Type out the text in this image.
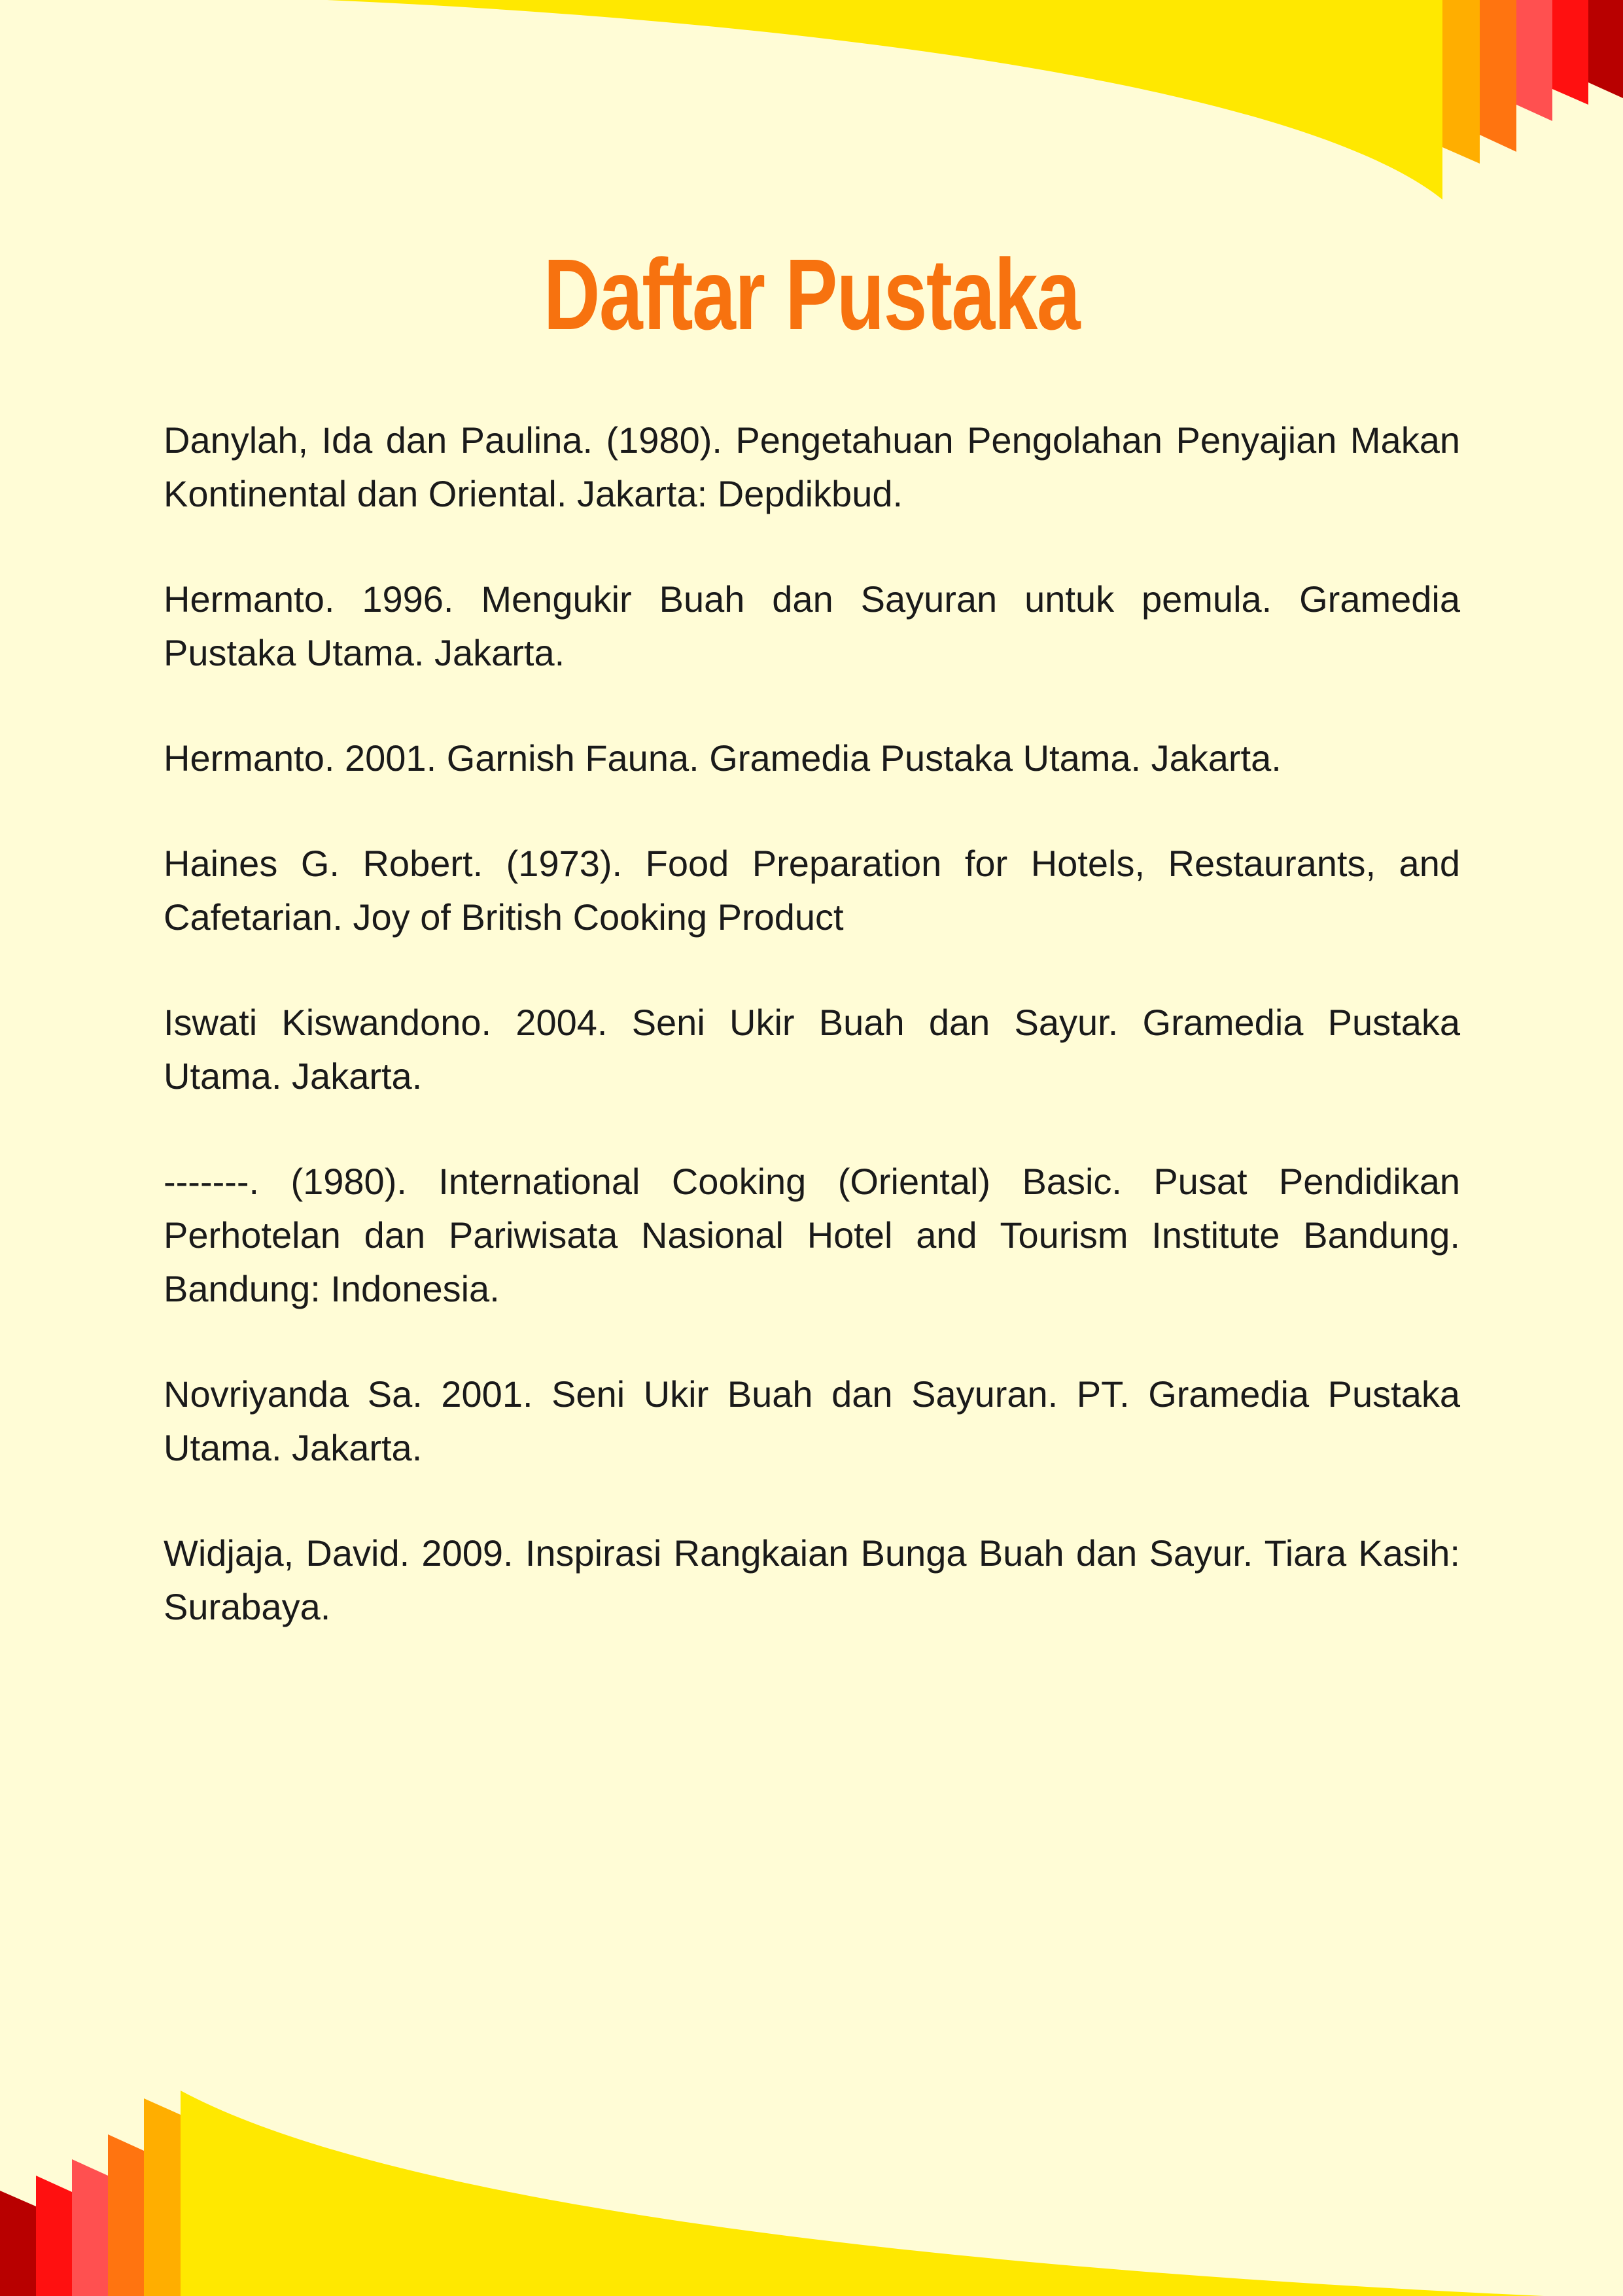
Daftar Pustaka

Danylah, Ida dan Paulina. (1980). Pengetahuan Pengolahan Penyajian Makan Kontinental dan Oriental. Jakarta: Depdikbud.

Hermanto. 1996. Mengukir Buah dan Sayuran untuk pemula. Gramedia Pustaka Utama. Jakarta.

Hermanto. 2001. Garnish Fauna. Gramedia Pustaka Utama. Jakarta.

Haines G. Robert. (1973). Food Preparation for Hotels, Restaurants, and Cafetarian. Joy of British Cooking Product

Iswati Kiswandono. 2004. Seni Ukir Buah dan Sayur. Gramedia Pustaka Utama. Jakarta.

-------. (1980). International Cooking (Oriental) Basic. Pusat Pendidikan Perhotelan dan Pariwisata Nasional Hotel and Tourism Institute Bandung. Bandung: Indonesia.

Novriyanda Sa. 2001. Seni Ukir Buah dan Sayuran. PT. Gramedia Pustaka Utama. Jakarta.

Widjaja, David. 2009. Inspirasi Rangkaian Bunga Buah dan Sayur. Tiara Kasih: Surabaya.
